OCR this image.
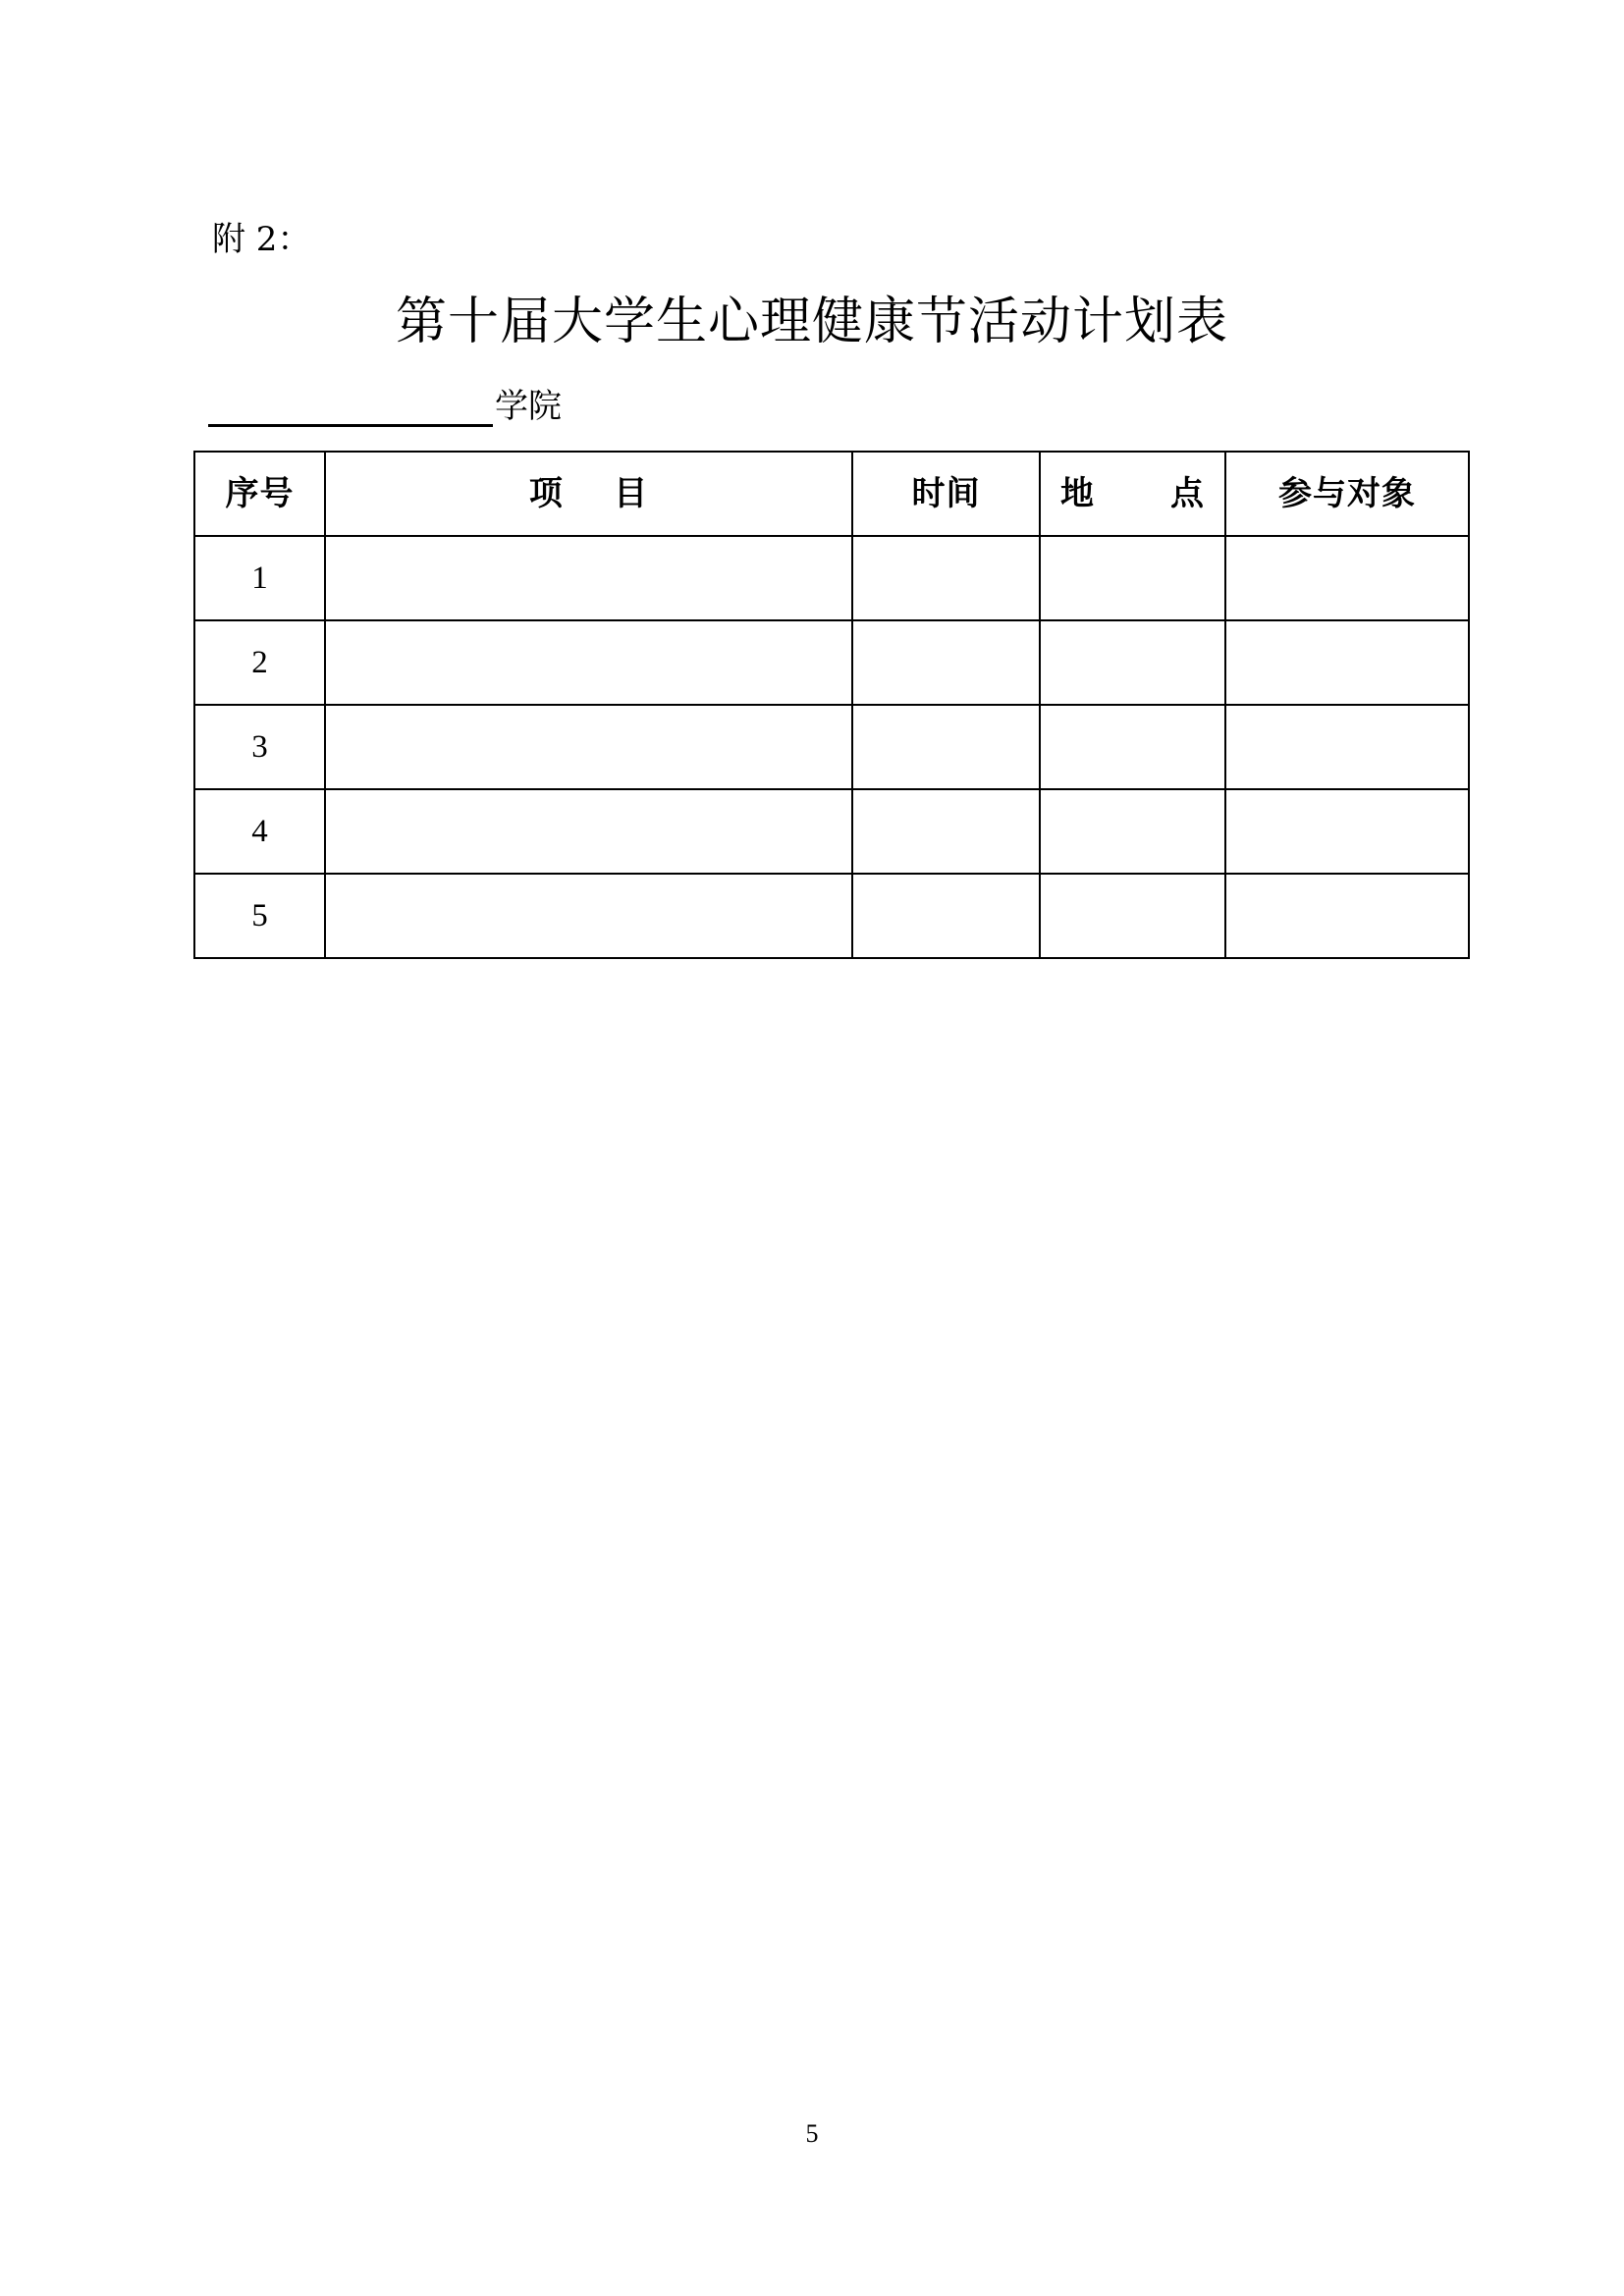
附 2：
第十届大学生心理健康节活动计划表
学院
序号	项    目	时间	地      点	参与对象
1				
2				
3				
4				
5				
5
